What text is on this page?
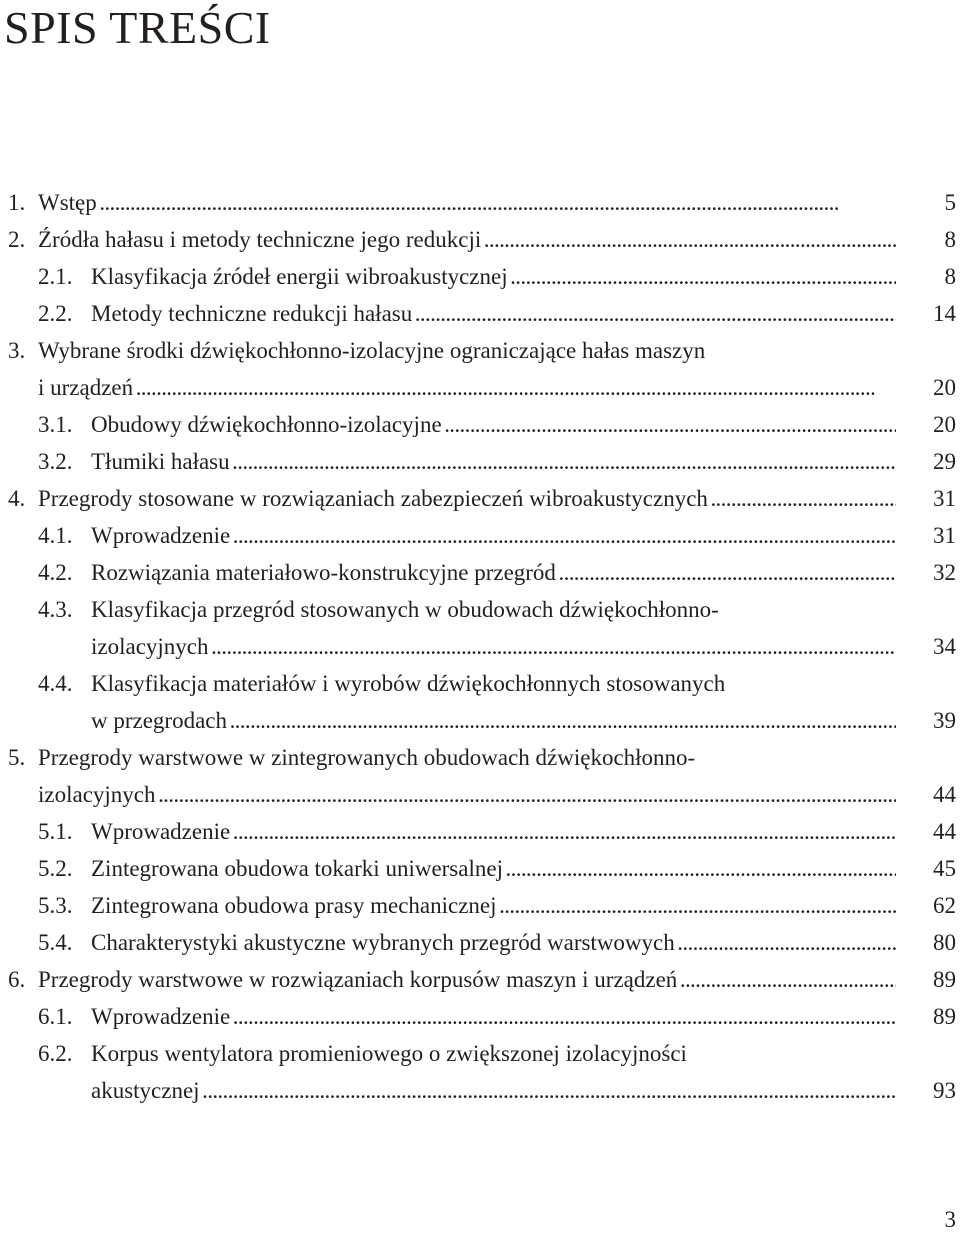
SPIS TREŚCI
1. Wstęp . . .	5
2. Źródła hałasu i metody techniczne jego redukcji . . .	8
2.1. Klasyfikacja źródeł energii wibroakustycznej . . .	8
2.2. Metody techniczne redukcji hałasu . . .	14
3. Wybrane środki dźwiękochłonno-izolacyjne ograniczające hałas maszyn
i urządzeń . . .	20
3.1. Obudowy dźwiękochłonno-izolacyjne . . .	20
3.2. Tłumiki hałasu . . .	29
4. Przegrody stosowane w rozwiązaniach zabezpieczeń wibroakustycznych . . .	31
4.1. Wprowadzenie . . .	31
4.2. Rozwiązania materiałowo-konstrukcyjne przegród . . .	32
4.3. Klasyfikacja przegród stosowanych w obudowach dźwiękochłonno-
izolacyjnych . . .	34
4.4. Klasyfikacja materiałów i wyrobów dźwiękochłonnych stosowanych
w przegrodach . . .	39
5. Przegrody warstwowe w zintegrowanych obudowach dźwiękochłonno-
izolacyjnych . . .	44
5.1. Wprowadzenie . . .	44
5.2. Zintegrowana obudowa tokarki uniwersalnej . . .	45
5.3. Zintegrowana obudowa prasy mechanicznej . . .	62
5.4. Charakterystyki akustyczne wybranych przegród warstwowych . . .	80
6. Przegrody warstwowe w rozwiązaniach korpusów maszyn i urządzeń . . .	89
6.1. Wprowadzenie . . .	89
6.2. Korpus wentylatora promieniowego o zwiększonej izolacyjności
akustycznej . . .	93
3
